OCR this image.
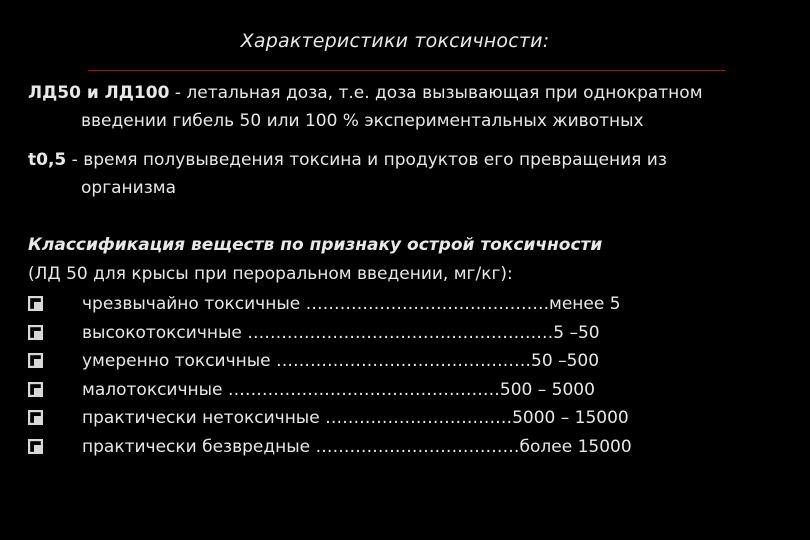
Характеристики токсичности:
ЛД50 и ЛД100 - летальная доза, т.е. доза вызывающая при однократном
введении гибель 50 или 100 % экспериментальных животных
t0,5 - время полувыведения токсина и продуктов его превращения из
организма
Классификация веществ по признаку острой токсичности
(ЛД 50 для крысы при пероральном введении, мг/кг):
чрезвычайно токсичные …………………………………….менее 5
высокотоксичные ………………………………………………5 –50
умеренно токсичные ………………………………………50 –500
малотоксичные …………………………………………500 – 5000
практически нетоксичные ……………………………5000 – 15000
практически безвредные ………………………………более 15000
